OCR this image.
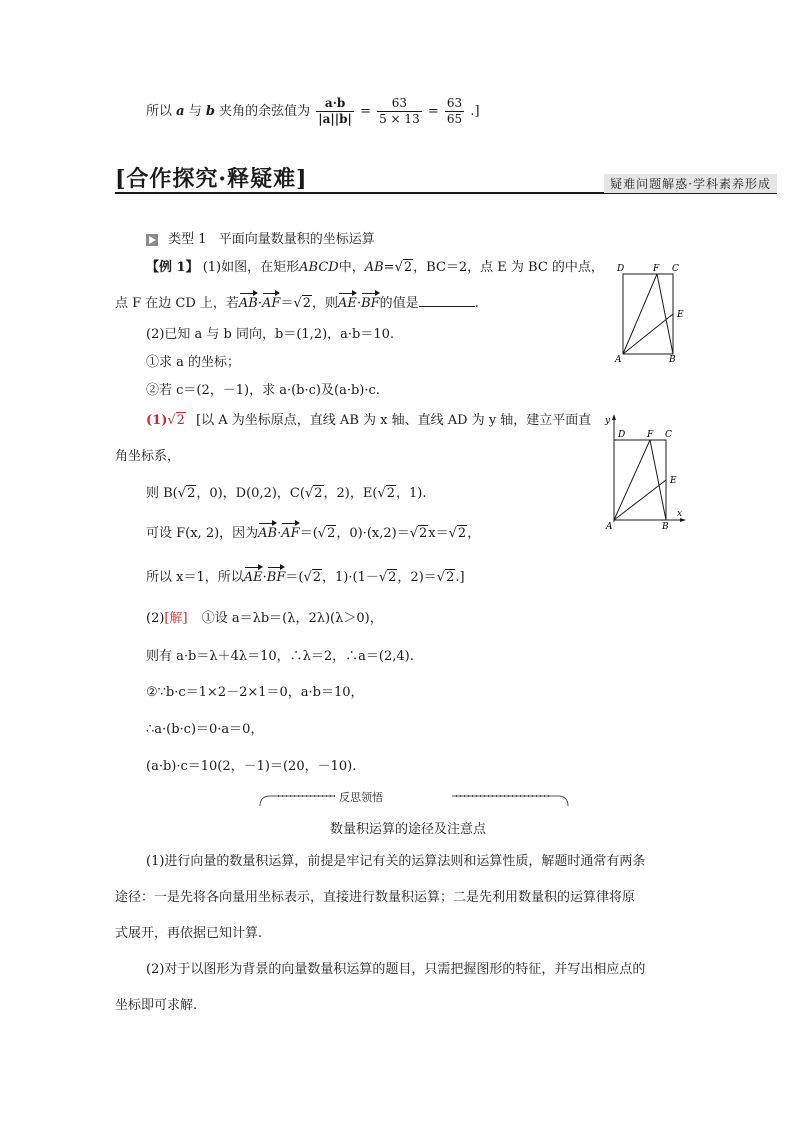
所以 a 与 b 夹角的余弦值为 $\frac{a\cdot b}{|a||b|} = \frac{63}{5 \times 13} = \frac{63}{65}$ .]
[合作探究·释疑难]	疑难问题解惑·学科素养形成
类型 1 平面向量数量积的坐标运算
【例 1】 (1)如图，在矩形ABCD中，AB=√2，BC＝2，点 E 为 BC 的中点，
点 F 在边 CD 上，若AB·AF＝√2，则AE·BF的值是	.
(2)已知 a 与 b 同向，b＝(1,2)，a·b＝10.
①求 a 的坐标；
②若 c＝(2，－1)，求 a·(b·c)及(a·b)·c.
D	F C
E
A	B
(1)√2 [以 A 为坐标原点，直线 AB 为 x 轴、直线 AD 为 y 轴，建立平面直
角坐标系，
则 B(√2，0)，D(0,2)，C(√2，2)，E(√2，1).
可设 F(x, 2)，因为AB·AF＝(√2，0)·(x,2)＝√2x＝√2，
所以 x＝1，所以AE·BF＝(√2，1)·(1－√2，2)＝√2.]
y
D F C
E
A	B
x
(2)[解] ①设 a＝λb＝(λ，2λ)(λ＞0)，
则有 a·b＝λ＋4λ＝10，∴λ＝2，∴a＝(2,4).
②∵b·c＝1×2－2×1＝0，a·b＝10，
∴a·(b·c)＝0·a＝0，
(a·b)·c＝10(2，－1)＝(20，－10).
反思领悟
数量积运算的途径及注意点
(1)进行向量的数量积运算，前提是牢记有关的运算法则和运算性质，解题时通常有两条
途径：一是先将各向量用坐标表示，直接进行数量积运算；二是先利用数量积的运算律将原
式展开，再依据已知计算.
(2)对于以图形为背景的向量数量积运算的题目，只需把握图形的特征，并写出相应点的
坐标即可求解.
